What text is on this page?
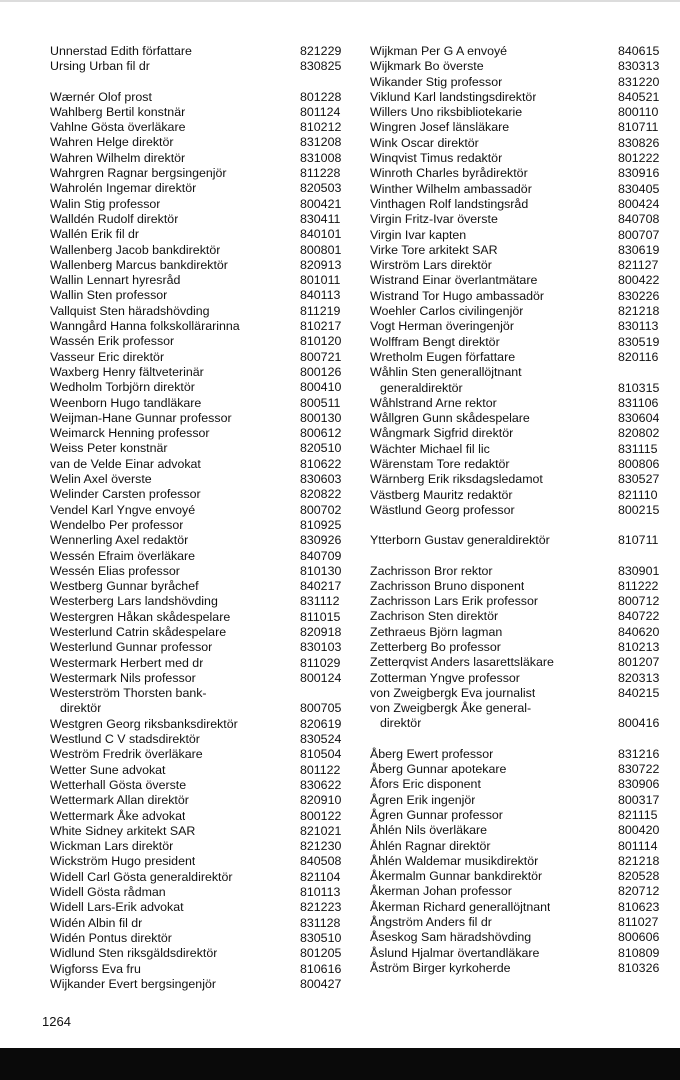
Unnerstad Edith författare	821229
Ursing Urban fil dr	830825
Wærnér Olof prost	801228
Wahlberg Bertil konstnär	801124
Vahlne Gösta överläkare	810212
Wahren Helge direktör	831208
Wahren Wilhelm direktör	831008
Wahrgren Ragnar bergsingenjör	811228
Wahrolén Ingemar direktör	820503
Walin Stig professor	800421
Walldén Rudolf direktör	830411
Wallén Erik fil dr	840101
Wallenberg Jacob bankdirektör	800801
Wallenberg Marcus bankdirektör	820913
Wallin Lennart hyresråd	801011
Wallin Sten professor	840113
Vallquist Sten häradshövding	811219
Wanngård Hanna folkskollärarinna	810217
Wassén Erik professor	810120
Vasseur Eric direktör	800721
Waxberg Henry fältveterinär	800126
Wedholm Torbjörn direktör	800410
Weenborn Hugo tandläkare	800511
Weijman-Hane Gunnar professor	800130
Weimarck Henning professor	800612
Weiss Peter konstnär	820510
van de Velde Einar advokat	810622
Welin Axel överste	830603
Welinder Carsten professor	820822
Vendel Karl Yngve envoyé	800702
Wendelbo Per professor	810925
Wennerling Axel redaktör	830926
Wessén Efraim överläkare	840709
Wessén Elias professor	810130
Westberg Gunnar byråchef	840217
Westerberg Lars landshövding	831112
Westergren Håkan skådespelare	811015
Westerlund Catrin skådespelare	820918
Westerlund Gunnar professor	830103
Westermark Herbert med dr	811029
Westermark Nils professor	800124
Westerström Thorsten bank-
direktör	800705
Westgren Georg riksbanksdirektör	820619
Westlund C V stadsdirektör	830524
Weström Fredrik överläkare	810504
Wetter Sune advokat	801122
Wetterhall Gösta överste	830622
Wettermark Allan direktör	820910
Wettermark Åke advokat	800122
White Sidney arkitekt SAR	821021
Wickman Lars direktör	821230
Wickström Hugo president	840508
Widell Carl Gösta generaldirektör	821104
Widell Gösta rådman	810113
Widell Lars-Erik advokat	821223
Widén Albin fil dr	831128
Widén Pontus direktör	830510
Widlund Sten riksgäldsdirektör	801205
Wigforss Eva fru	810616
Wijkander Evert bergsingenjör	800427
Wijkman Per G A envoyé	840615
Wijkmark Bo överste	830313
Wikander Stig professor	831220
Viklund Karl landstingsdirektör	840521
Willers Uno riksbibliotekarie	800110
Wingren Josef länsläkare	810711
Wink Oscar direktör	830826
Winqvist Timus redaktör	801222
Winroth Charles byrådirektör	830916
Winther Wilhelm ambassadör	830405
Vinthagen Rolf landstingsråd	800424
Virgin Fritz-Ivar överste	840708
Virgin Ivar kapten	800707
Virke Tore arkitekt SAR	830619
Wirström Lars direktör	821127
Wistrand Einar överlantmätare	800422
Wistrand Tor Hugo ambassadör	830226
Woehler Carlos civilingenjör	821218
Vogt Herman överingenjör	830113
Wolffram Bengt direktör	830519
Wretholm Eugen författare	820116
Wåhlin Sten generallöjtnant
generaldirektör	810315
Wåhlstrand Arne rektor	831106
Wållgren Gunn skådespelare	830604
Wångmark Sigfrid direktör	820802
Wächter Michael fil lic	831115
Wärenstam Tore redaktör	800806
Wärnberg Erik riksdagsledamot	830527
Västberg Mauritz redaktör	821110
Wästlund Georg professor	800215
Ytterborn Gustav generaldirektör	810711
Zachrisson Bror rektor	830901
Zachrisson Bruno disponent	811222
Zachrisson Lars Erik professor	800712
Zachrison Sten direktör	840722
Zethraeus Björn lagman	840620
Zetterberg Bo professor	810213
Zetterqvist Anders lasarettsläkare	801207
Zotterman Yngve professor	820313
von Zweigbergk Eva journalist	840215
von Zweigbergk Åke general-
direktör	800416
Åberg Ewert professor	831216
Åberg Gunnar apotekare	830722
Åfors Eric disponent	830906
Ågren Erik ingenjör	800317
Ågren Gunnar professor	821115
Åhlén Nils överläkare	800420
Åhlén Ragnar direktör	801114
Åhlén Waldemar musikdirektör	821218
Åkermalm Gunnar bankdirektör	820528
Åkerman Johan professor	820712
Åkerman Richard generallöjtnant	810623
Ångström Anders fil dr	811027
Åseskog Sam häradshövding	800606
Åslund Hjalmar övertandläkare	810809
Åström Birger kyrkoherde	810326
1264
